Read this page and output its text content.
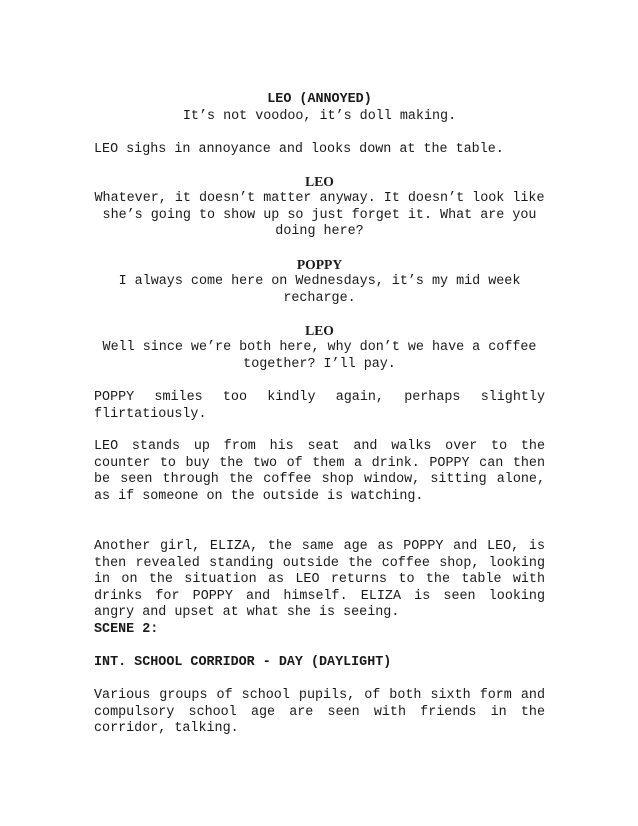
LEO (ANNOYED)

It’s not voodoo, it’s doll making.

LEO sighs in annoyance and looks down at the table.

LEO

Whatever, it doesn’t matter anyway. It doesn’t look like she’s going to show up so just forget it. What are you doing here?

POPPY

I always come here on Wednesdays, it’s my mid week recharge.

LEO

Well since we’re both here, why don’t we have a coffee together? I’ll pay.

POPPY smiles too kindly again, perhaps slightly flirtatiously.

LEO stands up from his seat and walks over to the counter to buy the two of them a drink. POPPY can then be seen through the coffee shop window, sitting alone, as if someone on the outside is watching.

Another girl, ELIZA, the same age as POPPY and LEO, is then revealed standing outside the coffee shop, looking in on the situation as LEO returns to the table with drinks for POPPY and himself. ELIZA is seen looking angry and upset at what she is seeing.

SCENE 2:

INT. SCHOOL CORRIDOR - DAY (DAYLIGHT)

Various groups of school pupils, of both sixth form and compulsory school age are seen with friends in the corridor, talking.
